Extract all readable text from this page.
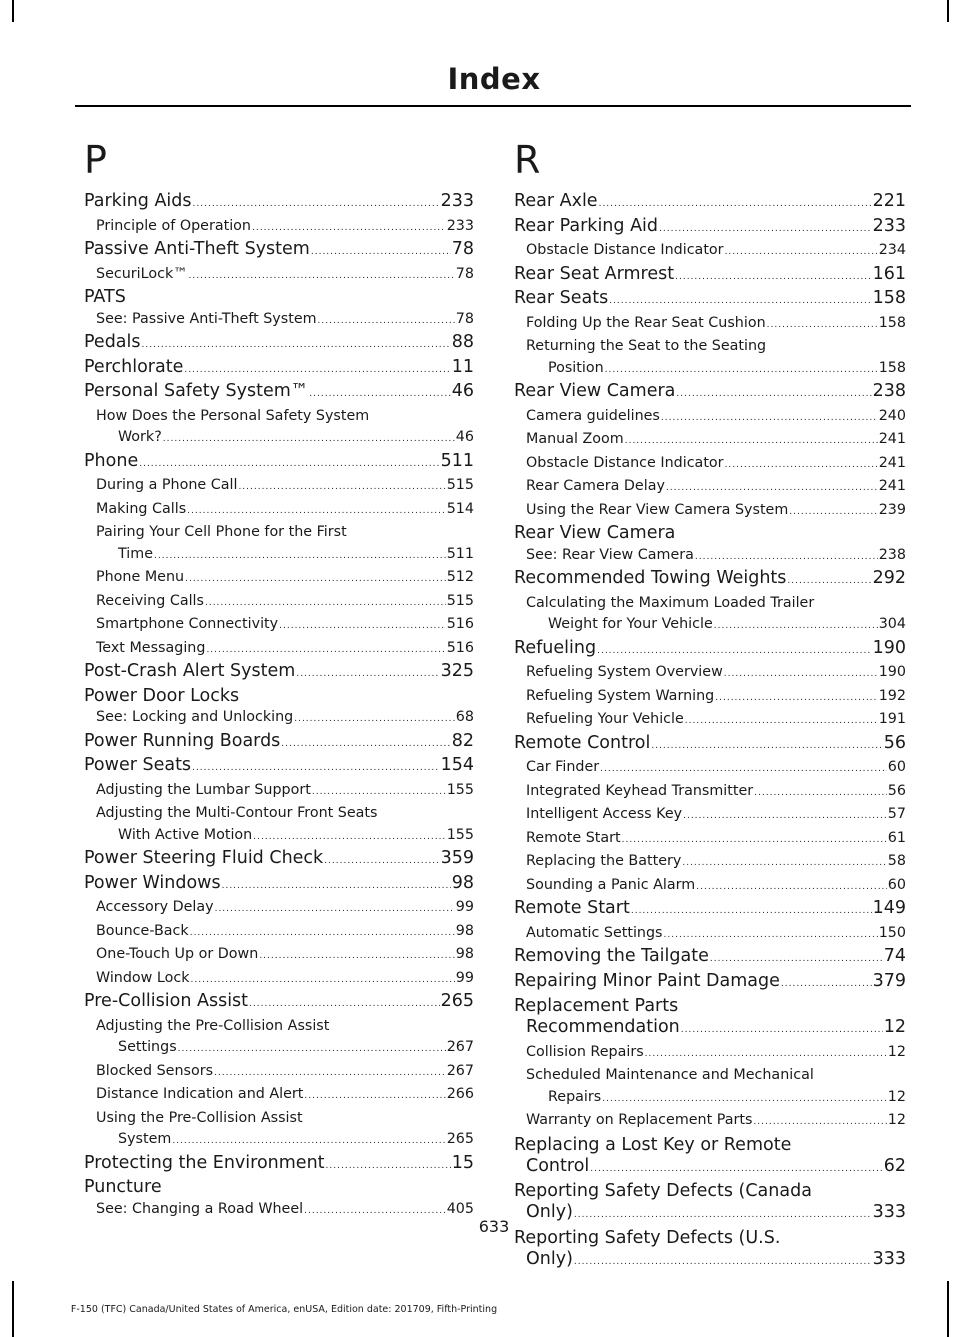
Index
P
Parking Aids .....	233
Principle of Operation .....	233
Passive Anti-Theft System .....	78
SecuriLock™ .....	78
PATS
See: Passive Anti-Theft System .....	78
Pedals .....	88
Perchlorate .....	11
Personal Safety System™ .....	46
How Does the Personal Safety System
Work? .....	46
Phone .....	511
During a Phone Call .....	515
Making Calls .....	514
Pairing Your Cell Phone for the First
Time .....	511
Phone Menu .....	512
Receiving Calls .....	515
Smartphone Connectivity .....	516
Text Messaging .....	516
Post-Crash Alert System .....	325
Power Door Locks
See: Locking and Unlocking .....	68
Power Running Boards .....	82
Power Seats .....	154
Adjusting the Lumbar Support .....	155
Adjusting the Multi-Contour Front Seats
With Active Motion .....	155
Power Steering Fluid Check .....	359
Power Windows .....	98
Accessory Delay .....	99
Bounce-Back .....	98
One-Touch Up or Down .....	98
Window Lock .....	99
Pre-Collision Assist .....	265
Adjusting the Pre-Collision Assist
Settings .....	267
Blocked Sensors .....	267
Distance Indication and Alert .....	266
Using the Pre-Collision Assist
System .....	265
Protecting the Environment .....	15
Puncture
See: Changing a Road Wheel .....	405
R
Rear Axle .....	221
Rear Parking Aid .....	233
Obstacle Distance Indicator .....	234
Rear Seat Armrest .....	161
Rear Seats .....	158
Folding Up the Rear Seat Cushion .....	158
Returning the Seat to the Seating
Position .....	158
Rear View Camera .....	238
Camera guidelines .....	240
Manual Zoom .....	241
Obstacle Distance Indicator .....	241
Rear Camera Delay .....	241
Using the Rear View Camera System .....	239
Rear View Camera
See: Rear View Camera .....	238
Recommended Towing Weights .....	292
Calculating the Maximum Loaded Trailer
Weight for Your Vehicle .....	304
Refueling .....	190
Refueling System Overview .....	190
Refueling System Warning .....	192
Refueling Your Vehicle .....	191
Remote Control .....	56
Car Finder .....	60
Integrated Keyhead Transmitter .....	56
Intelligent Access Key .....	57
Remote Start .....	61
Replacing the Battery .....	58
Sounding a Panic Alarm .....	60
Remote Start .....	149
Automatic Settings .....	150
Removing the Tailgate .....	74
Repairing Minor Paint Damage .....	379
Replacement Parts
Recommendation .....	12
Collision Repairs .....	12
Scheduled Maintenance and Mechanical
Repairs .....	12
Warranty on Replacement Parts .....	12
Replacing a Lost Key or Remote
Control .....	62
Reporting Safety Defects (Canada
Only) .....	333
Reporting Safety Defects (U.S.
Only) .....	333
633
F-150 (TFC) Canada/United States of America, enUSA, Edition date: 201709, Fifth-Printing
